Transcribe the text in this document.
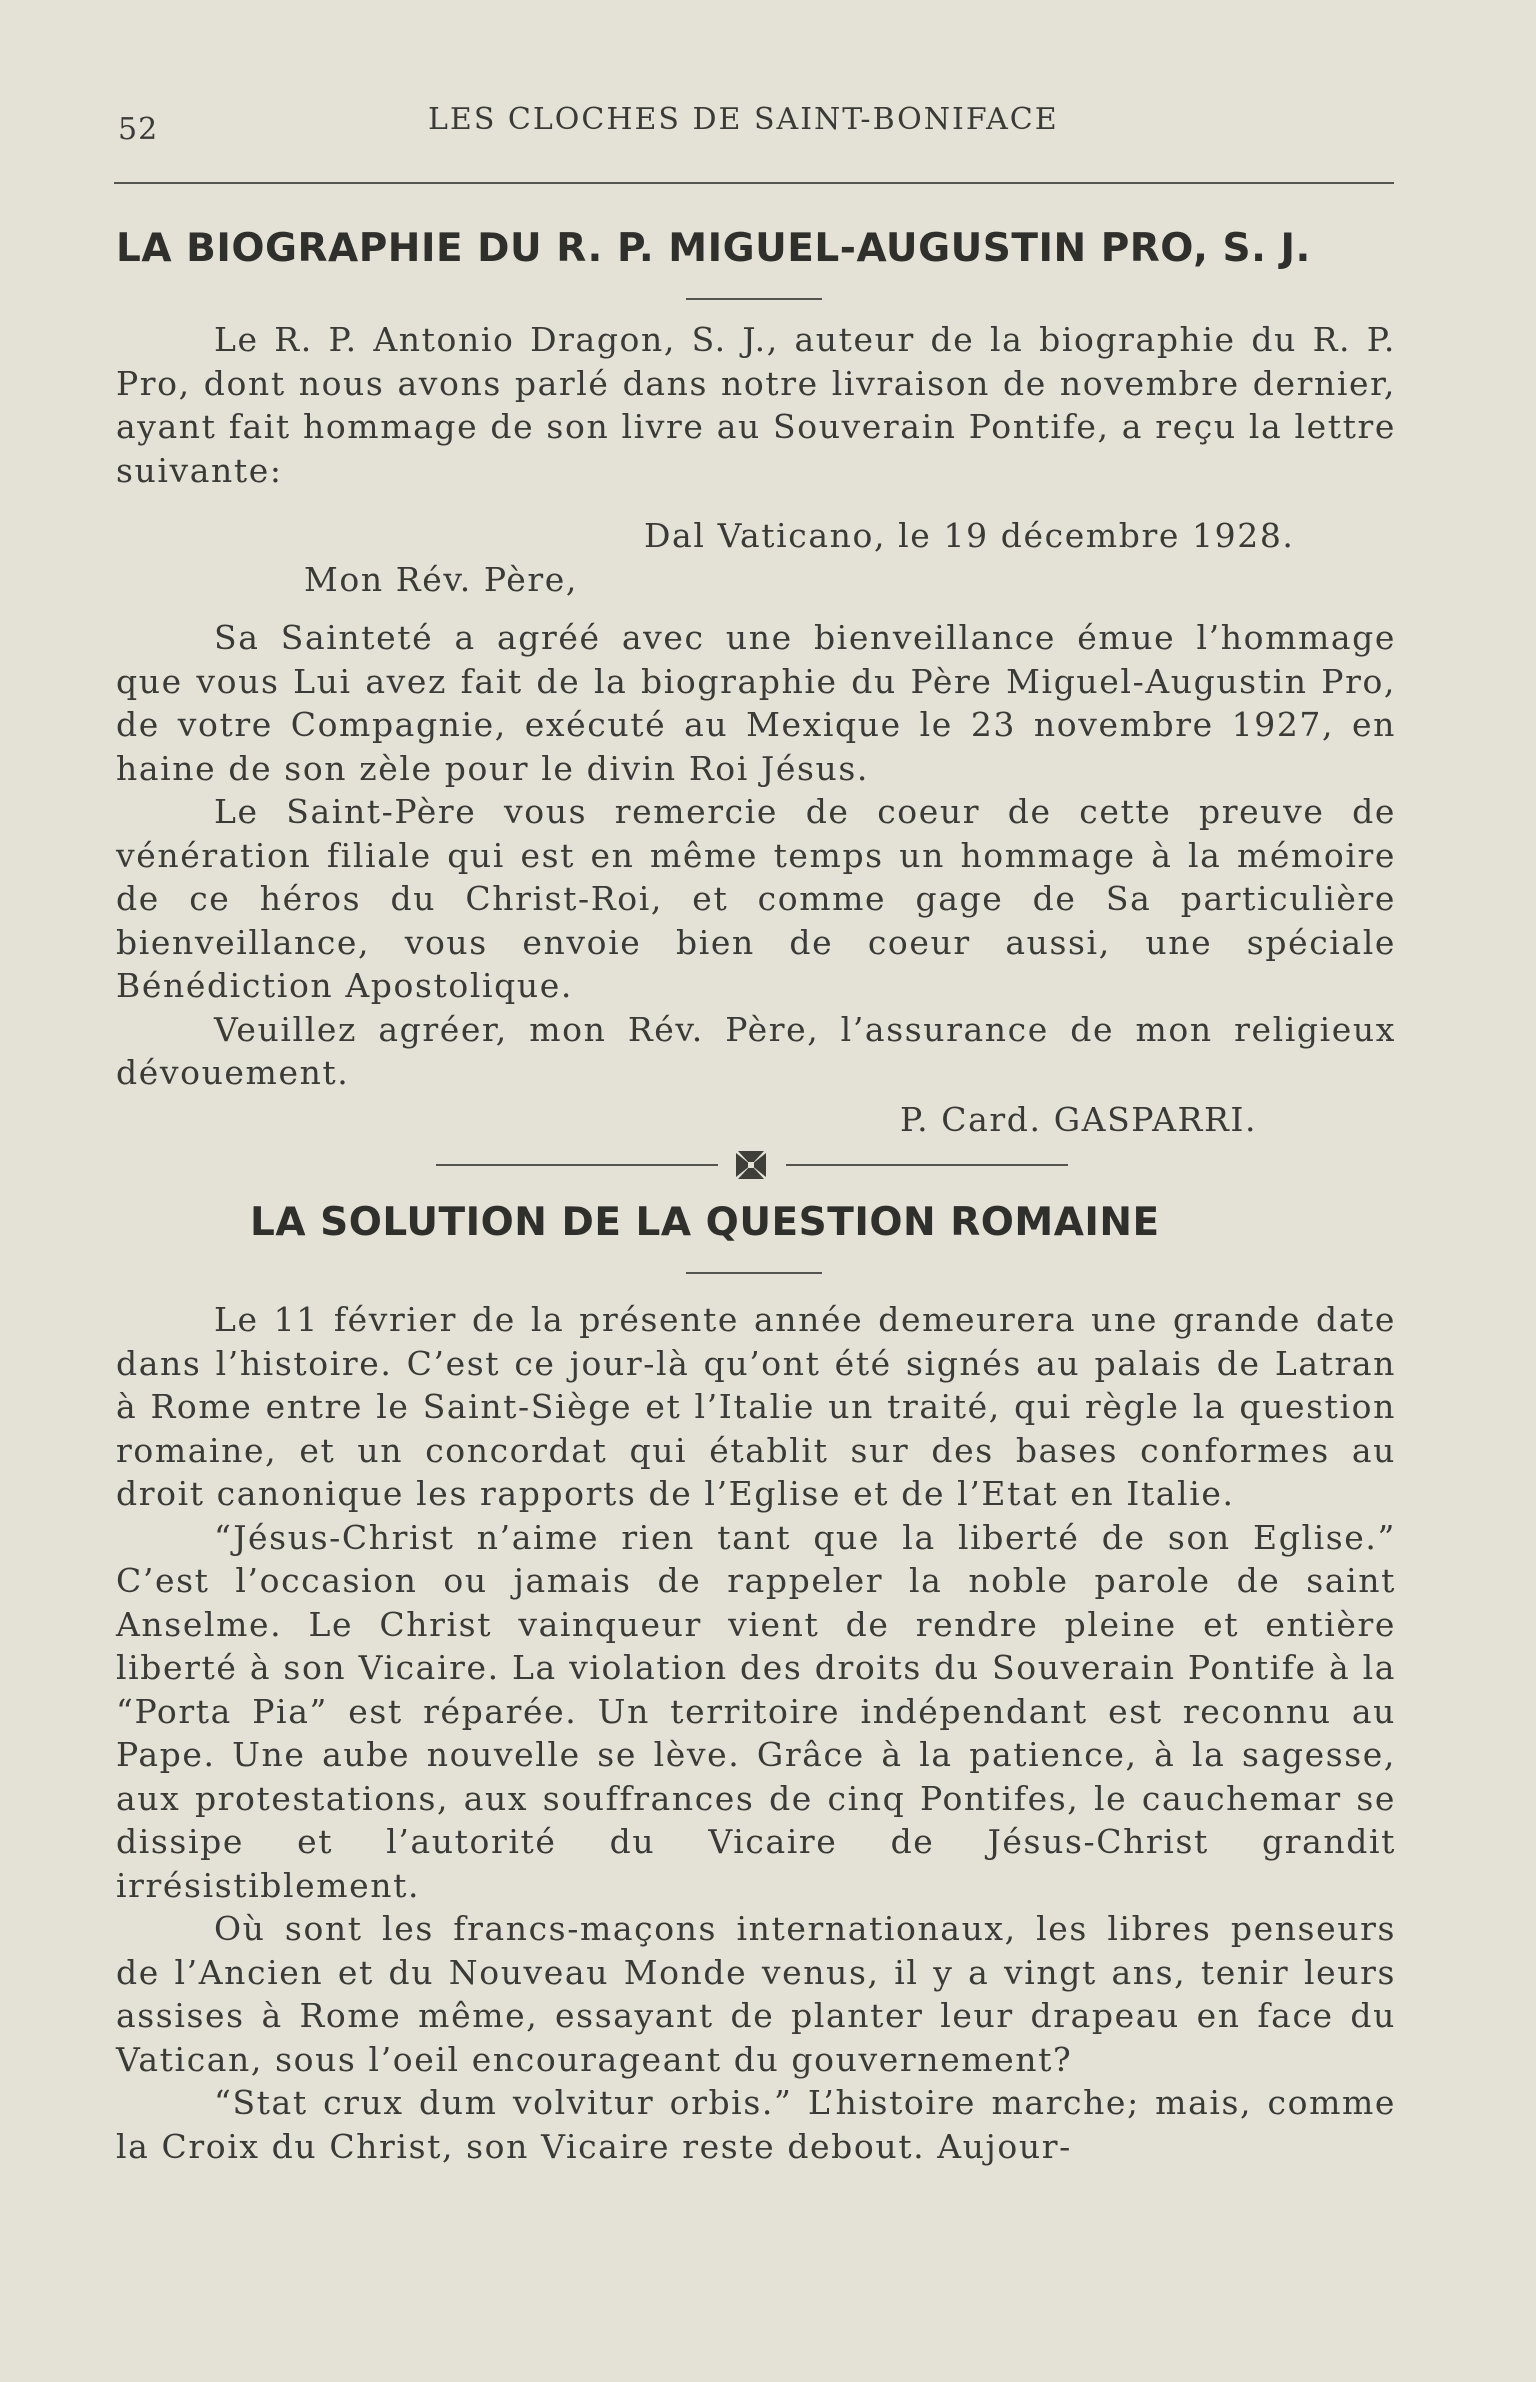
52	LES CLOCHES DE SAINT-BONIFACE
LA BIOGRAPHIE DU R. P. MIGUEL-AUGUSTIN PRO, S. J.

Le R. P. Antonio Dragon, S. J., auteur de la biographie du R. P. Pro, dont nous avons parlé dans notre livraison de novembre dernier, ayant fait hommage de son livre au Souverain Pontife, a reçu la lettre suivante:

Dal Vaticano, le 19 décembre 1928.
Mon Rév. Père,

Sa Sainteté a agréé avec une bienveillance émue l’hommage que vous Lui avez fait de la biographie du Père Miguel-Augustin Pro, de votre Compagnie, exécuté au Mexique le 23 novembre 1927, en haine de son zèle pour le divin Roi Jésus.

Le Saint-Père vous remercie de coeur de cette preuve de vénération filiale qui est en même temps un hommage à la mémoire de ce héros du Christ-Roi, et comme gage de Sa particulière bienveillance, vous envoie bien de coeur aussi, une spéciale Bénédiction Apostolique.

Veuillez agréer, mon Rév. Père, l’assurance de mon religieux dévouement.

P. Card. GASPARRI.
LA SOLUTION DE LA QUESTION ROMAINE

Le 11 février de la présente année demeurera une grande date dans l’histoire. C’est ce jour-là qu’ont été signés au palais de Latran à Rome entre le Saint-Siège et l’Italie un traité, qui règle la question romaine, et un concordat qui établit sur des bases conformes au droit canonique les rapports de l’Eglise et de l’Etat en Italie.

“Jésus-Christ n’aime rien tant que la liberté de son Eglise.” C’est l’occasion ou jamais de rappeler la noble parole de saint Anselme. Le Christ vainqueur vient de rendre pleine et entière liberté à son Vicaire. La violation des droits du Souverain Pontife à la “Porta Pia” est réparée. Un territoire indépendant est reconnu au Pape. Une aube nouvelle se lève. Grâce à la patience, à la sagesse, aux protestations, aux souffrances de cinq Pontifes, le cauchemar se dissipe et l’autorité du Vicaire de Jésus-Christ grandit irrésistiblement.

Où sont les francs-maçons internationaux, les libres penseurs de l’Ancien et du Nouveau Monde venus, il y a vingt ans, tenir leurs assises à Rome même, essayant de planter leur drapeau en face du Vatican, sous l’oeil encourageant du gouvernement?

“Stat crux dum volvitur orbis.” L’histoire marche; mais, comme la Croix du Christ, son Vicaire reste debout. Aujour-
